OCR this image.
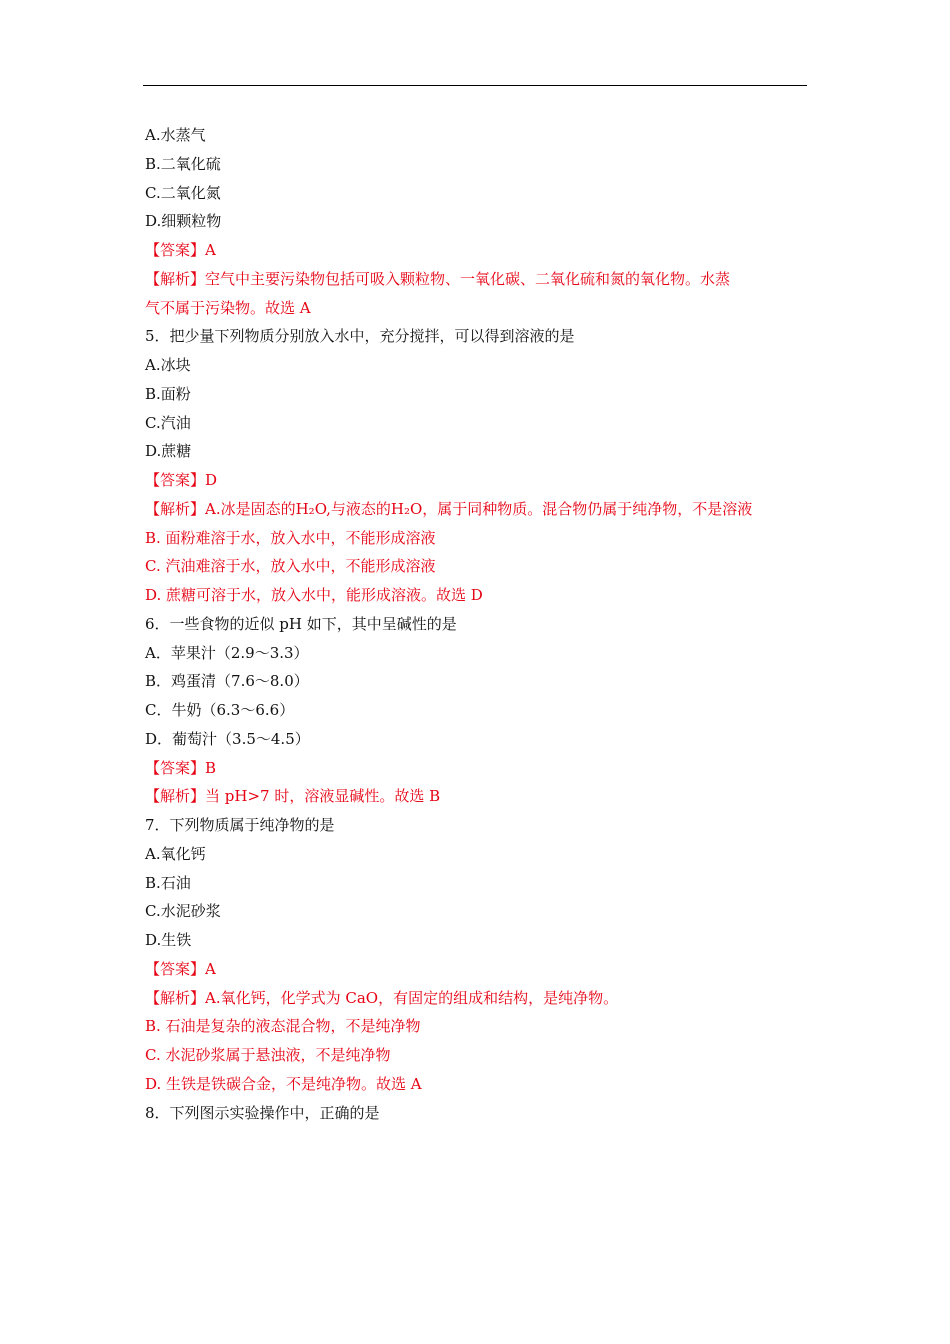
A.水蒸气
B.二氧化硫
C.二氧化氮
D.细颗粒物
【答案】A
【解析】空气中主要污染物包括可吸入颗粒物、一氧化碳、二氧化硫和氮的氧化物。水蒸
气不属于污染物。故选 A
5．把少量下列物质分别放入水中，充分搅拌，可以得到溶液的是
A.冰块
B.面粉
C.汽油
D.蔗糖
【答案】D
【解析】A.冰是固态的H₂O,与液态的H₂O，属于同种物质。混合物仍属于纯净物，不是溶液
B. 面粉难溶于水，放入水中，不能形成溶液
C. 汽油难溶于水，放入水中，不能形成溶液
D. 蔗糖可溶于水，放入水中，能形成溶液。故选 D
6．一些食物的近似 pH 如下，其中呈碱性的是
A．苹果汁（2.9～3.3）
B．鸡蛋清（7.6～8.0）
C．牛奶（6.3～6.6）
D．葡萄汁（3.5～4.5）
【答案】B
【解析】当 pH>7 时，溶液显碱性。故选 B
7．下列物质属于纯净物的是
A.氧化钙
B.石油
C.水泥砂浆
D.生铁
【答案】A
【解析】A.氧化钙，化学式为 CaO，有固定的组成和结构，是纯净物。
B. 石油是复杂的液态混合物，不是纯净物
C. 水泥砂浆属于悬浊液，不是纯净物
D. 生铁是铁碳合金，不是纯净物。故选 A
8．下列图示实验操作中，正确的是
